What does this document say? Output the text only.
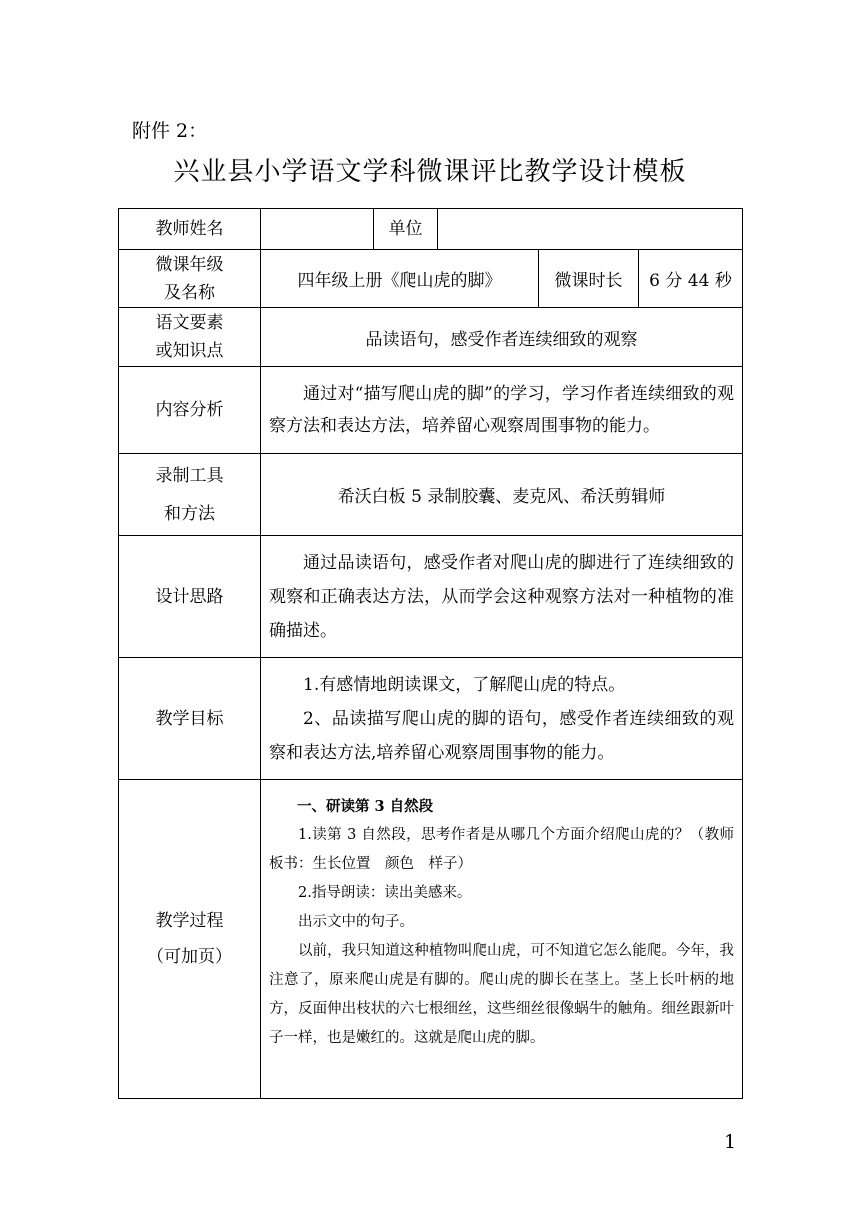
附件 2：
兴业县小学语文学科微课评比教学设计模板
教师姓名		单位			

微课年级
及名称	四年级上册《爬山虎的脚》			微课时长	6 分 44 秒

语文要素
或知识点	品读语句，感受作者连续细致的观察				
内容分析	通过对“描写爬山虎的脚”的学习，学习作者连续细致的观察方法和表达方法，培养留心观察周围事物的能力。				

录制工具
和方法	希沃白板 5 录制胶囊、麦克风、希沃剪辑师				
设计思路	通过品读语句，感受作者对爬山虎的脚进行了连续细致的观察和正确表达方法，从而学会这种观察方法对一种植物的准确描述。				
教学目标	1.有感情地朗读课文，了解爬山虎的特点。
2、品读描写爬山虎的脚的语句，感受作者连续细致的观察和表达方法,培养留心观察周围事物的能力。				

教学过程
（可加页）	一、研读第 3 自然段
1.读第 3 自然段，思考作者是从哪几个方面介绍爬山虎的？（教师板书：生长位置　颜色　样子）
2.指导朗读：读出美感来。
出示文中的句子。
以前，我只知道这种植物叫爬山虎，可不知道它怎么能爬。今年，我注意了，原来爬山虎是有脚的。爬山虎的脚长在茎上。茎上长叶柄的地方，反面伸出枝状的六七根细丝，这些细丝很像蜗牛的触角。细丝跟新叶子一样，也是嫩红的。这就是爬山虎的脚。				
1
